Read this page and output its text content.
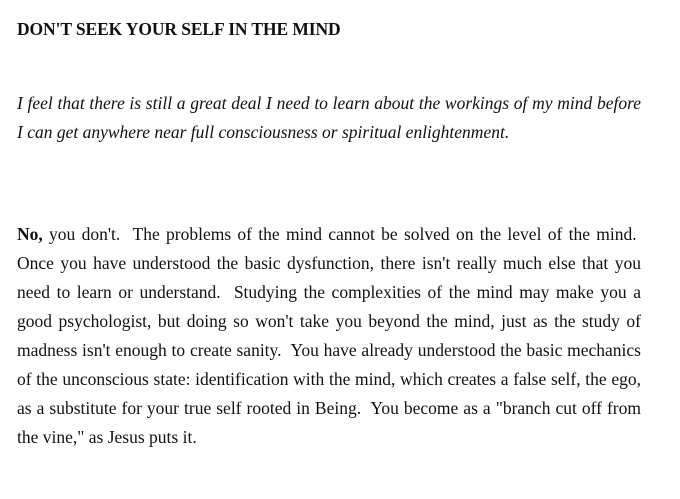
DON'T SEEK YOUR SELF IN THE MIND

I feel that there is still a great deal I need to learn about the workings of my mind before I can get anywhere near full consciousness or spiritual enlightenment.

No, you don't.  The problems of the mind cannot be solved on the level of the mind.  Once you have understood the basic dysfunction, there isn't really much else that you need to learn or understand.  Studying the complexities of the mind may make you a good psychologist, but doing so won't take you beyond the mind, just as the study of madness isn't enough to create sanity.  You have already understood the basic mechanics of the unconscious state: identification with the mind, which creates a false self, the ego, as a substitute for your true self rooted in Being.  You become as a "branch cut off from the vine," as Jesus puts it.
